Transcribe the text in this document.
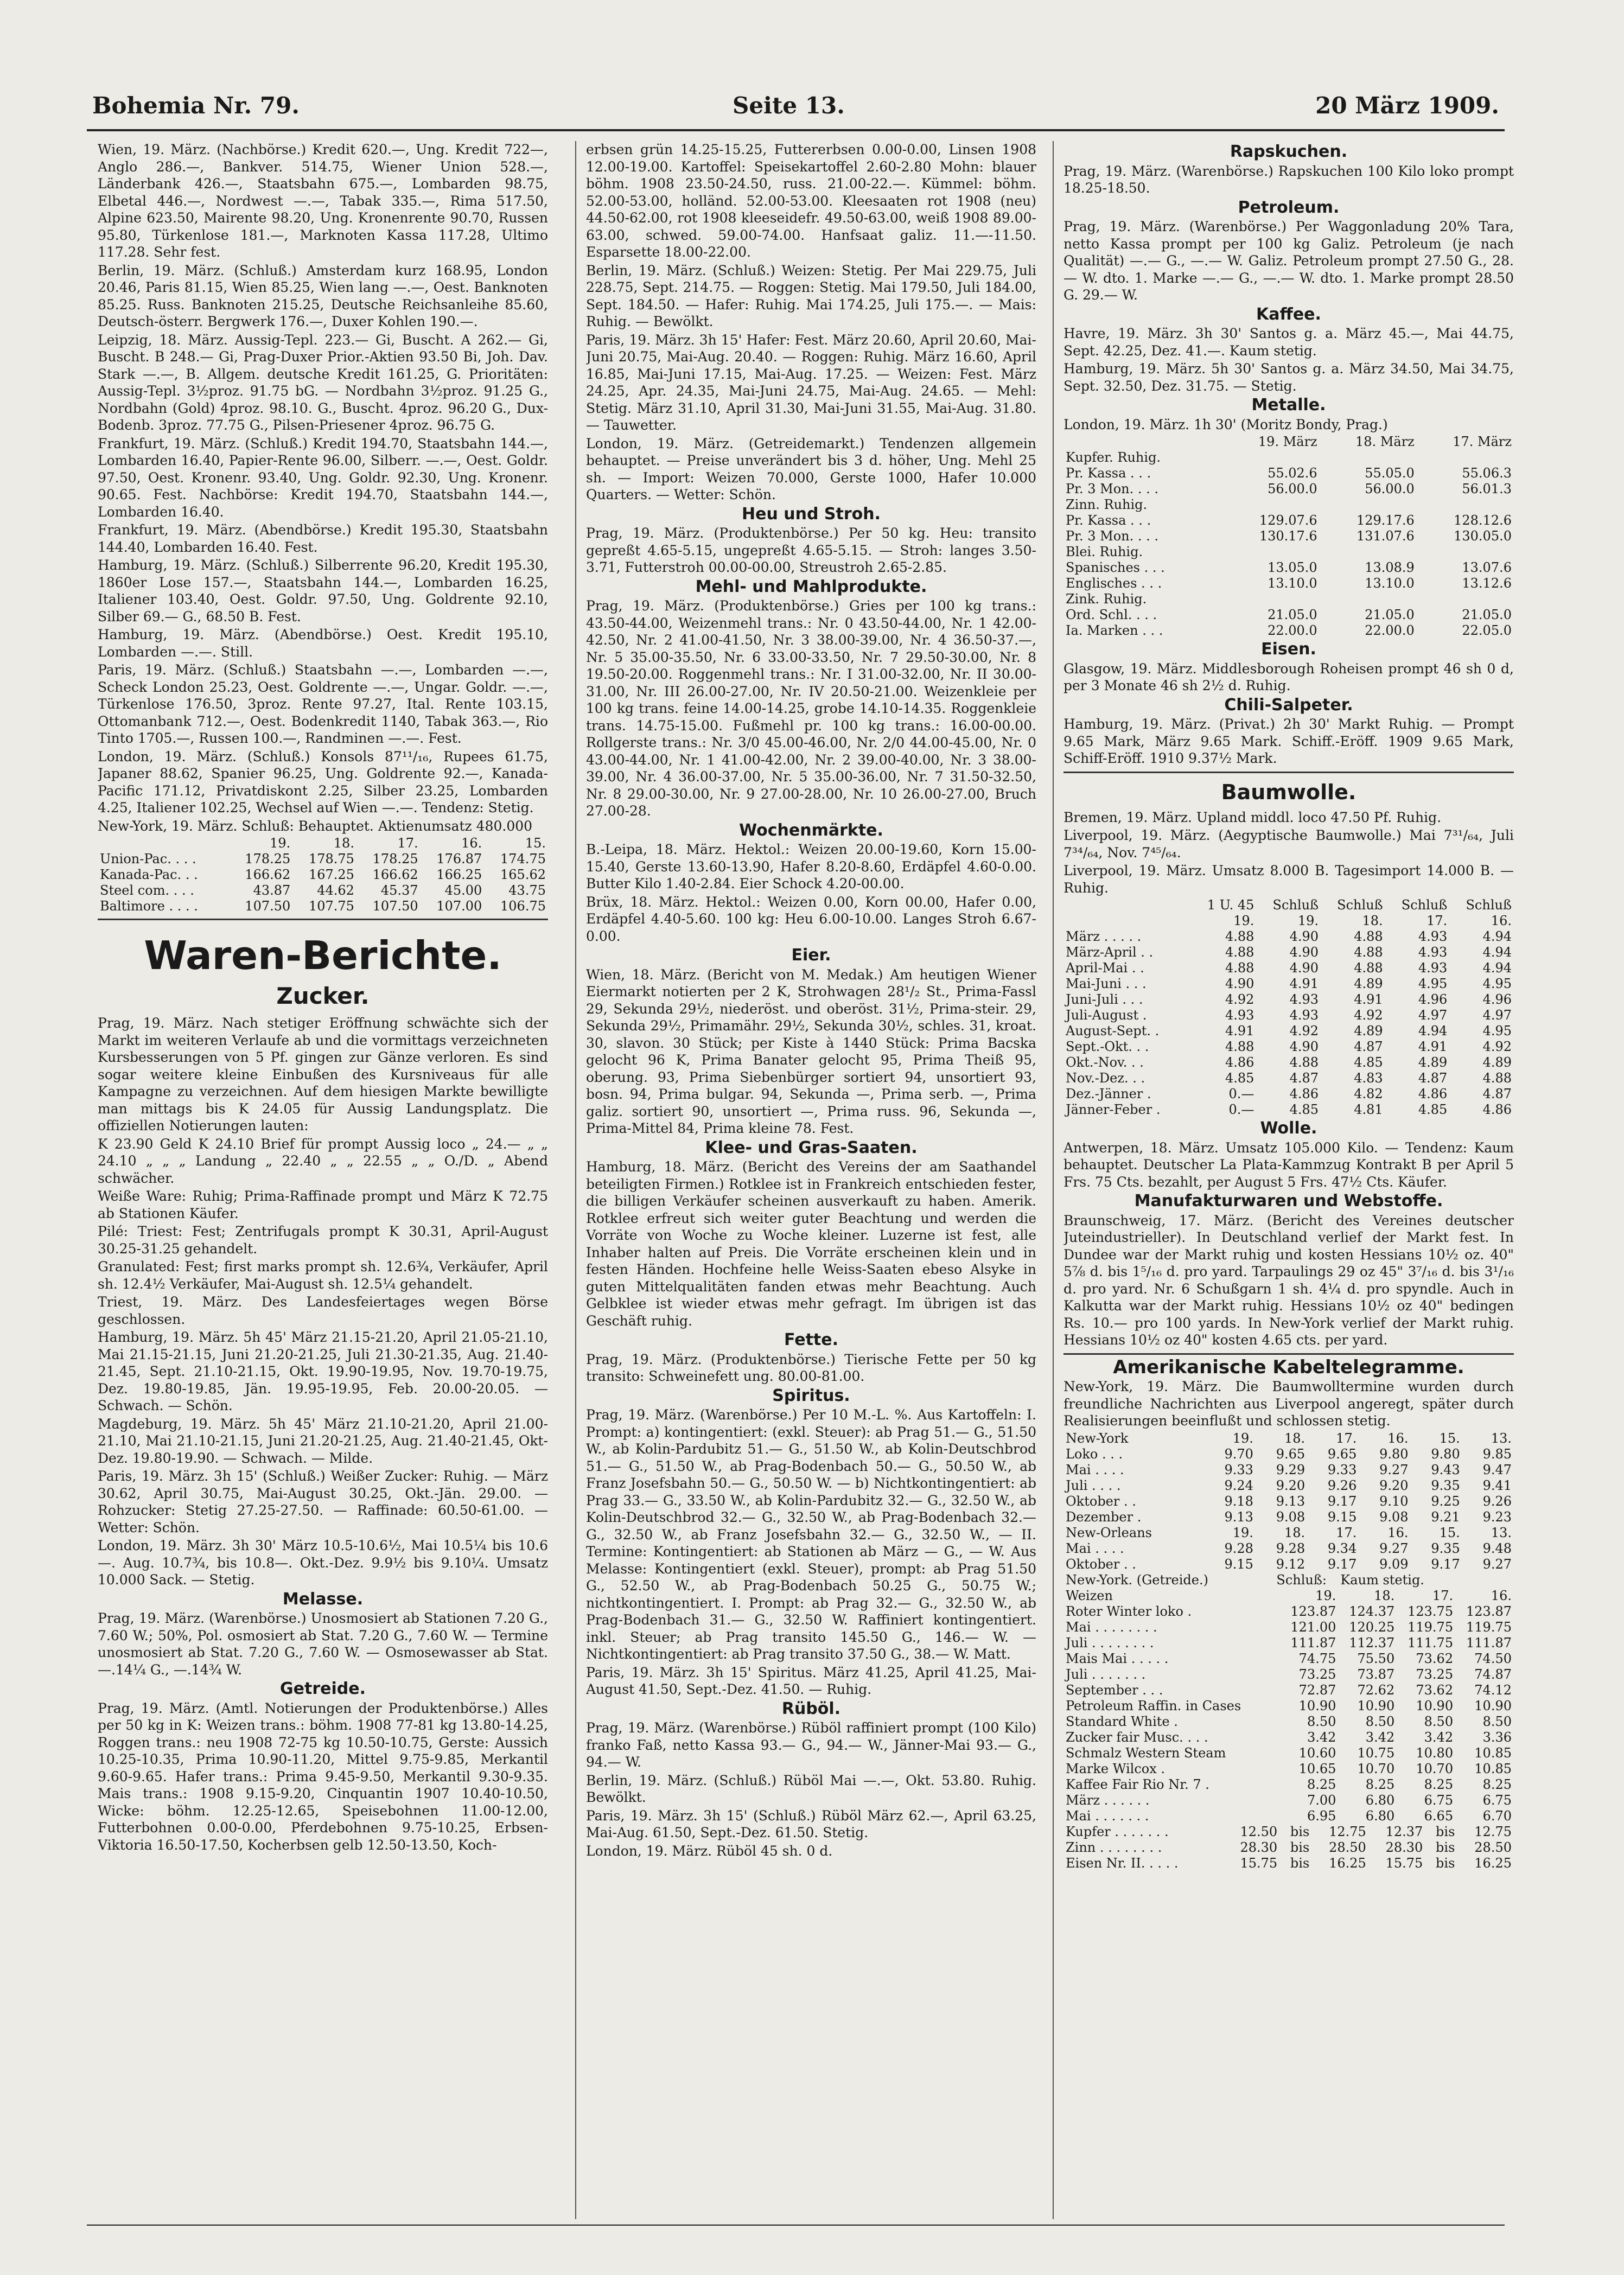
Bohemia Nr. 79.	Seite 13.	20 März 1909.

Wien, 19. März. (Nachbörse.) Kredit 620.—, Ung. Kredit 722—, Anglo 286.—, Bankver. 514.75, Wiener Union 528.—, Länderbank 426.—, Staatsbahn 675.—, Lombarden 98.75, Elbetal 446.—, Nordwest —.—, Tabak 335.—, Rima 517.50, Alpine 623.50, Mairente 98.20, Ung. Kronenrente 90.70, Russen 95.80, Türkenlose 181.—, Marknoten Kassa 117.28, Ultimo 117.28. Sehr fest.

Berlin, 19. März. (Schluß.) Amsterdam kurz 168.95, London 20.46, Paris 81.15, Wien 85.25, Wien lang —.—, Oest. Banknoten 85.25. Russ. Banknoten 215.25, Deutsche Reichsanleihe 85.60, Deutsch-österr. Bergwerk 176.—, Duxer Kohlen 190.—.

Leipzig, 18. März. Aussig-Tepl. 223.— Gi, Buscht. A 262.— Gi, Buscht. B 248.— Gi, Prag-Duxer Prior.-Aktien 93.50 Bi, Joh. Dav. Stark —.—, B. Allgem. deutsche Kredit 161.25, G. Prioritäten: Aussig-Tepl. 3½proz. 91.75 bG. — Nordbahn 3½proz. 91.25 G., Nordbahn (Gold) 4proz. 98.10. G., Buscht. 4proz. 96.20 G., Dux-Bodenb. 3proz. 77.75 G., Pilsen-Priesener 4proz. 96.75 G.

Frankfurt, 19. März. (Schluß.) Kredit 194.70, Staatsbahn 144.—, Lombarden 16.40, Papier-Rente 96.00, Silberr. —.—, Oest. Goldr. 97.50, Oest. Kronenr. 93.40, Ung. Goldr. 92.30, Ung. Kronenr. 90.65. Fest. Nachbörse: Kredit 194.70, Staatsbahn 144.—, Lombarden 16.40.

Frankfurt, 19. März. (Abendbörse.) Kredit 195.30, Staatsbahn 144.40, Lombarden 16.40. Fest.

Hamburg, 19. März. (Schluß.) Silberrente 96.20, Kredit 195.30, 1860er Lose 157.—, Staatsbahn 144.—, Lombarden 16.25, Italiener 103.40, Oest. Goldr. 97.50, Ung. Goldrente 92.10, Silber 69.— G., 68.50 B. Fest.

Hamburg, 19. März. (Abendbörse.) Oest. Kredit 195.10, Lombarden —.—. Still.

Paris, 19. März. (Schluß.) Staatsbahn —.—, Lombarden —.—, Scheck London 25.23, Oest. Goldrente —.—, Ungar. Goldr. —.—, Türkenlose 176.50, 3proz. Rente 97.27, Ital. Rente 103.15, Ottomanbank 712.—, Oest. Bodenkredit 1140, Tabak 363.—, Rio Tinto 1705.—, Russen 100.—, Randminen —.—. Fest.

London, 19. März. (Schluß.) Konsols 87¹¹/₁₆, Rupees 61.75, Japaner 88.62, Spanier 96.25, Ung. Goldrente 92.—, Kanada-Pacific 171.12, Privatdiskont 2.25, Silber 23.25, Lombarden 4.25, Italiener 102.25, Wechsel auf Wien —.—. Tendenz: Stetig.

New-York, 19. März. Schluß: Behauptet. Aktienumsatz 480.000

	19.	18.	17.	16.	15.
Union-Pac. . . .	178.25	178.75	178.25	176.87	174.75
Kanada-Pac. . .	166.62	167.25	166.62	166.25	165.62
Steel com. . . .	43.87	44.62	45.37	45.00	43.75
Baltimore . . . .	107.50	107.75	107.50	107.00	106.75
Waren-Berichte.
Zucker.

Prag, 19. März. Nach stetiger Eröffnung schwächte sich der Markt im weiteren Verlaufe ab und die vormittags verzeichneten Kursbesserungen von 5 Pf. gingen zur Gänze verloren. Es sind sogar weitere kleine Einbußen des Kursniveaus für alle Kampagne zu verzeichnen. Auf dem hiesigen Markte bewilligte man mittags bis K 24.05 für Aussig Landungsplatz. Die offiziellen Notierungen lauten:

K 23.90 Geld K 24.10 Brief für prompt Aussig loco „ 24.— „ „ 24.10 „ „ „ Landung „ 22.40 „ „ 22.55 „ „ O./D. „ Abend schwächer.

Weiße Ware: Ruhig; Prima-Raffinade prompt und März K 72.75 ab Stationen Käufer.

Pilé: Triest: Fest; Zentrifugals prompt K 30.31, April-August 30.25-31.25 gehandelt.

Granulated: Fest; first marks prompt sh. 12.6¾, Verkäufer, April sh. 12.4½ Verkäufer, Mai-August sh. 12.5¼ gehandelt.

Triest, 19. März. Des Landesfeiertages wegen Börse geschlossen.

Hamburg, 19. März. 5h 45' März 21.15-21.20, April 21.05-21.10, Mai 21.15-21.15, Juni 21.20-21.25, Juli 21.30-21.35, Aug. 21.40-21.45, Sept. 21.10-21.15, Okt. 19.90-19.95, Nov. 19.70-19.75, Dez. 19.80-19.85, Jän. 19.95-19.95, Feb. 20.00-20.05. — Schwach. — Schön.

Magdeburg, 19. März. 5h 45' März 21.10-21.20, April 21.00-21.10, Mai 21.10-21.15, Juni 21.20-21.25, Aug. 21.40-21.45, Okt-Dez. 19.80-19.90. — Schwach. — Milde.

Paris, 19. März. 3h 15' (Schluß.) Weißer Zucker: Ruhig. — März 30.62, April 30.75, Mai-August 30.25, Okt.-Jän. 29.00. — Rohzucker: Stetig 27.25-27.50. — Raffinade: 60.50-61.00. — Wetter: Schön.

London, 19. März. 3h 30' März 10.5-10.6½, Mai 10.5¼ bis 10.6—. Aug. 10.7¾, bis 10.8—. Okt.-Dez. 9.9½ bis 9.10¼. Umsatz 10.000 Sack. — Stetig.

Melasse.

Prag, 19. März. (Warenbörse.) Unosmosiert ab Stationen 7.20 G., 7.60 W.; 50%, Pol. osmosiert ab Stat. 7.20 G., 7.60 W. — Termine unosmosiert ab Stat. 7.20 G., 7.60 W. — Osmosewasser ab Stat. —.14¼ G., —.14¾ W.

Getreide.

Prag, 19. März. (Amtl. Notierungen der Produktenbörse.) Alles per 50 kg in K: Weizen trans.: böhm. 1908 77-81 kg 13.80-14.25, Roggen trans.: neu 1908 72-75 kg 10.50-10.75, Gerste: Aussich 10.25-10.35, Prima 10.90-11.20, Mittel 9.75-9.85, Merkantil 9.60-9.65. Hafer trans.: Prima 9.45-9.50, Merkantil 9.30-9.35. Mais trans.: 1908 9.15-9.20, Cinquantin 1907 10.40-10.50, Wicke: böhm. 12.25-12.65, Speisebohnen 11.00-12.00, Futterbohnen 0.00-0.00, Pferdebohnen 9.75-10.25, Erbsen-Viktoria 16.50-17.50, Kocherbsen gelb 12.50-13.50, Koch-

erbsen grün 14.25-15.25, Futtererbsen 0.00-0.00, Linsen 1908 12.00-19.00. Kartoffel: Speisekartoffel 2.60-2.80 Mohn: blauer böhm. 1908 23.50-24.50, russ. 21.00-22.—. Kümmel: böhm. 52.00-53.00, holländ. 52.00-53.00. Kleesaaten rot 1908 (neu) 44.50-62.00, rot 1908 kleeseidefr. 49.50-63.00, weiß 1908 89.00-63.00, schwed. 59.00-74.00. Hanfsaat galiz. 11.—-11.50. Esparsette 18.00-22.00.

Berlin, 19. März. (Schluß.) Weizen: Stetig. Per Mai 229.75, Juli 228.75, Sept. 214.75. — Roggen: Stetig. Mai 179.50, Juli 184.00, Sept. 184.50. — Hafer: Ruhig. Mai 174.25, Juli 175.—. — Mais: Ruhig. — Bewölkt.

Paris, 19. März. 3h 15' Hafer: Fest. März 20.60, April 20.60, Mai-Juni 20.75, Mai-Aug. 20.40. — Roggen: Ruhig. März 16.60, April 16.85, Mai-Juni 17.15, Mai-Aug. 17.25. — Weizen: Fest. März 24.25, Apr. 24.35, Mai-Juni 24.75, Mai-Aug. 24.65. — Mehl: Stetig. März 31.10, April 31.30, Mai-Juni 31.55, Mai-Aug. 31.80. — Tauwetter.

London, 19. März. (Getreidemarkt.) Tendenzen allgemein behauptet. — Preise unverändert bis 3 d. höher, Ung. Mehl 25 sh. — Import: Weizen 70.000, Gerste 1000, Hafer 10.000 Quarters. — Wetter: Schön.

Heu und Stroh.

Prag, 19. März. (Produktenbörse.) Per 50 kg. Heu: transito gepreßt 4.65-5.15, ungepreßt 4.65-5.15. — Stroh: langes 3.50-3.71, Futterstroh 00.00-00.00, Streustroh 2.65-2.85.

Mehl- und Mahlprodukte.

Prag, 19. März. (Produktenbörse.) Gries per 100 kg trans.: 43.50-44.00, Weizenmehl trans.: Nr. 0 43.50-44.00, Nr. 1 42.00-42.50, Nr. 2 41.00-41.50, Nr. 3 38.00-39.00, Nr. 4 36.50-37.—, Nr. 5 35.00-35.50, Nr. 6 33.00-33.50, Nr. 7 29.50-30.00, Nr. 8 19.50-20.00. Roggenmehl trans.: Nr. I 31.00-32.00, Nr. II 30.00-31.00, Nr. III 26.00-27.00, Nr. IV 20.50-21.00. Weizenkleie per 100 kg trans. feine 14.00-14.25, grobe 14.10-14.35. Roggenkleie trans. 14.75-15.00. Fußmehl pr. 100 kg trans.: 16.00-00.00. Rollgerste trans.: Nr. 3/0 45.00-46.00, Nr. 2/0 44.00-45.00, Nr. 0 43.00-44.00, Nr. 1 41.00-42.00, Nr. 2 39.00-40.00, Nr. 3 38.00-39.00, Nr. 4 36.00-37.00, Nr. 5 35.00-36.00, Nr. 7 31.50-32.50, Nr. 8 29.00-30.00, Nr. 9 27.00-28.00, Nr. 10 26.00-27.00, Bruch 27.00-28.

Wochenmärkte.

B.-Leipa, 18. März. Hektol.: Weizen 20.00-19.60, Korn 15.00-15.40, Gerste 13.60-13.90, Hafer 8.20-8.60, Erdäpfel 4.60-0.00. Butter Kilo 1.40-2.84. Eier Schock 4.20-00.00.

Brüx, 18. März. Hektol.: Weizen 0.00, Korn 00.00, Hafer 0.00, Erdäpfel 4.40-5.60. 100 kg: Heu 6.00-10.00. Langes Stroh 6.67-0.00.

Eier.

Wien, 18. März. (Bericht von M. Medak.) Am heutigen Wiener Eiermarkt notierten per 2 K, Strohwagen 28¹/₂ St., Prima-Fassl 29, Sekunda 29½, niederöst. und oberöst. 31½, Prima-steir. 29, Sekunda 29½, Primamähr. 29½, Sekunda 30½, schles. 31, kroat. 30, slavon. 30 Stück; per Kiste à 1440 Stück: Prima Bacska gelocht 96 K, Prima Banater gelocht 95, Prima Theiß 95, oberung. 93, Prima Siebenbürger sortiert 94, unsortiert 93, bosn. 94, Prima bulgar. 94, Sekunda —, Prima serb. —, Prima galiz. sortiert 90, unsortiert —, Prima russ. 96, Sekunda —, Prima-Mittel 84, Prima kleine 78. Fest.

Klee- und Gras-Saaten.

Hamburg, 18. März. (Bericht des Vereins der am Saathandel beteiligten Firmen.) Rotklee ist in Frankreich entschieden fester, die billigen Verkäufer scheinen ausverkauft zu haben. Amerik. Rotklee erfreut sich weiter guter Beachtung und werden die Vorräte von Woche zu Woche kleiner. Luzerne ist fest, alle Inhaber halten auf Preis. Die Vorräte erscheinen klein und in festen Händen. Hochfeine helle Weiss-Saaten ebeso Alsyke in guten Mittelqualitäten fanden etwas mehr Beachtung. Auch Gelbklee ist wieder etwas mehr gefragt. Im übrigen ist das Geschäft ruhig.

Fette.

Prag, 19. März. (Produktenbörse.) Tierische Fette per 50 kg transito: Schweinefett ung. 80.00-81.00.

Spiritus.

Prag, 19. März. (Warenbörse.) Per 10 M.-L. %. Aus Kartoffeln: I. Prompt: a) kontingentiert: (exkl. Steuer): ab Prag 51.— G., 51.50 W., ab Kolin-Pardubitz 51.— G., 51.50 W., ab Kolin-Deutschbrod 51.— G., 51.50 W., ab Prag-Bodenbach 50.— G., 50.50 W., ab Franz Josefsbahn 50.— G., 50.50 W. — b) Nichtkontingentiert: ab Prag 33.— G., 33.50 W., ab Kolin-Pardubitz 32.— G., 32.50 W., ab Kolin-Deutschbrod 32.— G., 32.50 W., ab Prag-Bodenbach 32.— G., 32.50 W., ab Franz Josefsbahn 32.— G., 32.50 W., — II. Termine: Kontingentiert: ab Stationen ab März — G., — W. Aus Melasse: Kontingentiert (exkl. Steuer), prompt: ab Prag 51.50 G., 52.50 W., ab Prag-Bodenbach 50.25 G., 50.75 W.; nichtkontingentiert. I. Prompt: ab Prag 32.— G., 32.50 W., ab Prag-Bodenbach 31.— G., 32.50 W. Raffiniert kontingentiert. inkl. Steuer; ab Prag transito 145.50 G., 146.— W. — Nichtkontingentiert: ab Prag transito 37.50 G., 38.— W. Matt.

Paris, 19. März. 3h 15' Spiritus. März 41.25, April 41.25, Mai-August 41.50, Sept.-Dez. 41.50. — Ruhig.

Rüböl.

Prag, 19. März. (Warenbörse.) Rüböl raffiniert prompt (100 Kilo) franko Faß, netto Kassa 93.— G., 94.— W., Jänner-Mai 93.— G., 94.— W.

Berlin, 19. März. (Schluß.) Rüböl Mai —.—, Okt. 53.80. Ruhig. Bewölkt.

Paris, 19. März. 3h 15' (Schluß.) Rüböl März 62.—, April 63.25, Mai-Aug. 61.50, Sept.-Dez. 61.50. Stetig.

London, 19. März. Rüböl 45 sh. 0 d.

Rapskuchen.

Prag, 19. März. (Warenbörse.) Rapskuchen 100 Kilo loko prompt 18.25-18.50.

Petroleum.

Prag, 19. März. (Warenbörse.) Per Waggonladung 20% Tara, netto Kassa prompt per 100 kg Galiz. Petroleum (je nach Qualität) —.— G., —.— W. Galiz. Petroleum prompt 27.50 G., 28.— W. dto. 1. Marke —.— G., —.— W. dto. 1. Marke prompt 28.50 G. 29.— W.

Kaffee.

Havre, 19. März. 3h 30' Santos g. a. März 45.—, Mai 44.75, Sept. 42.25, Dez. 41.—. Kaum stetig.

Hamburg, 19. März. 5h 30' Santos g. a. März 34.50, Mai 34.75, Sept. 32.50, Dez. 31.75. — Stetig.

Metalle.

London, 19. März. 1h 30' (Moritz Bondy, Prag.)

	19. März	18. März	17. März
Kupfer. Ruhig.			
Pr. Kassa . . .	55.02.6	55.05.0	55.06.3
Pr. 3 Mon. . . .	56.00.0	56.00.0	56.01.3
Zinn. Ruhig.			
Pr. Kassa . . .	129.07.6	129.17.6	128.12.6
Pr. 3 Mon. . . .	130.17.6	131.07.6	130.05.0
Blei. Ruhig.			
Spanisches . . .	13.05.0	13.08.9	13.07.6
Englisches . . .	13.10.0	13.10.0	13.12.6
Zink. Ruhig.			
Ord. Schl. . . .	21.05.0	21.05.0	21.05.0
Ia. Marken . . .	22.00.0	22.00.0	22.05.0
Eisen.

Glasgow, 19. März. Middlesborough Roheisen prompt 46 sh 0 d, per 3 Monate 46 sh 2½ d. Ruhig.

Chili-Salpeter.

Hamburg, 19. März. (Privat.) 2h 30' Markt Ruhig. — Prompt 9.65 Mark, März 9.65 Mark. Schiff.-Eröff. 1909 9.65 Mark, Schiff-Eröff. 1910 9.37½ Mark.

Baumwolle.

Bremen, 19. März. Upland middl. loco 47.50 Pf. Ruhig.

Liverpool, 19. März. (Aegyptische Baumwolle.) Mai 7³¹/₆₄, Juli 7³⁴/₆₄, Nov. 7⁴⁵/₆₄.

Liverpool, 19. März. Umsatz 8.000 B. Tagesimport 14.000 B. — Ruhig.

	1 U. 45	Schluß	Schluß	Schluß	Schluß
	19.	19.	18.	17.	16.
März . . . . .	4.88	4.90	4.88	4.93	4.94
März-April . .	4.88	4.90	4.88	4.93	4.94
April-Mai . .	4.88	4.90	4.88	4.93	4.94
Mai-Juni . . .	4.90	4.91	4.89	4.95	4.95
Juni-Juli . . .	4.92	4.93	4.91	4.96	4.96
Juli-August .	4.93	4.93	4.92	4.97	4.97
August-Sept. .	4.91	4.92	4.89	4.94	4.95
Sept.-Okt. . .	4.88	4.90	4.87	4.91	4.92
Okt.-Nov. . .	4.86	4.88	4.85	4.89	4.89
Nov.-Dez. . .	4.85	4.87	4.83	4.87	4.88
Dez.-Jänner .	0.—	4.86	4.82	4.86	4.87
Jänner-Feber .	0.—	4.85	4.81	4.85	4.86
Wolle.

Antwerpen, 18. März. Umsatz 105.000 Kilo. — Tendenz: Kaum behauptet. Deutscher La Plata-Kammzug Kontrakt B per April 5 Frs. 75 Cts. bezahlt, per August 5 Frs. 47½ Cts. Käufer.

Manufakturwaren und Webstoffe.

Braunschweig, 17. März. (Bericht des Vereines deutscher Juteindustrieller). In Deutschland verlief der Markt fest. In Dundee war der Markt ruhig und kosten Hessians 10½ oz. 40" 5⅞ d. bis 1⁵/₁₆ d. pro yard. Tarpaulings 29 oz 45" 3⁷/₁₆ d. bis 3¹/₁₆ d. pro yard. Nr. 6 Schußgarn 1 sh. 4¼ d. pro spyndle. Auch in Kalkutta war der Markt ruhig. Hessians 10½ oz 40" bedingen Rs. 10.— pro 100 yards. In New-York verlief der Markt ruhig. Hessians 10½ oz 40" kosten 4.65 cts. per yard.

Amerikanische Kabeltelegramme.

New-York, 19. März. Die Baumwolltermine wurden durch freundliche Nachrichten aus Liverpool angeregt, später durch Realisierungen beeinflußt und schlossen stetig.

New-York	19.	18.	17.	16.	15.	13.
Loko . . .	9.70	9.65	9.65	9.80	9.80	9.85
Mai . . . .	9.33	9.29	9.33	9.27	9.43	9.47
Juli . . . .	9.24	9.20	9.26	9.20	9.35	9.41
Oktober . .	9.18	9.13	9.17	9.10	9.25	9.26
Dezember .	9.13	9.08	9.15	9.08	9.21	9.23
New-Orleans	19.	18.	17.	16.	15.	13.
Mai . . . .	9.28	9.28	9.34	9.27	9.35	9.48
Oktober . .	9.15	9.12	9.17	9.09	9.17	9.27
New-York. (Getreide.)	Schluß:	Kaum stetig.		
Weizen	19.	18.	17.	16.
Roter Winter loko .	123.87	124.37	123.75	123.87
Mai . . . . . . . .	121.00	120.25	119.75	119.75
Juli . . . . . . . .	111.87	112.37	111.75	111.87
Mais Mai . . . . .	74.75	75.50	73.62	74.50
Juli . . . . . . .	73.25	73.87	73.25	74.87
September . . .	72.87	72.62	73.62	74.12
Petroleum Raffin. in Cases	10.90	10.90	10.90	10.90
Standard White .	8.50	8.50	8.50	8.50
Zucker fair Musc. . . .	3.42	3.42	3.42	3.36
Schmalz Western Steam	10.60	10.75	10.80	10.85
Marke Wilcox .	10.65	10.70	10.70	10.85
Kaffee Fair Rio Nr. 7 .	8.25	8.25	8.25	8.25
März . . . . . .	7.00	6.80	6.75	6.75
Mai . . . . . . .	6.95	6.80	6.65	6.70
Kupfer . . . . . . .	12.50	bis	12.75	12.37	bis	12.75
Zinn . . . . . . . .	28.30	bis	28.50	28.30	bis	28.50
Eisen Nr. II. . . . .	15.75	bis	16.25	15.75	bis	16.25
